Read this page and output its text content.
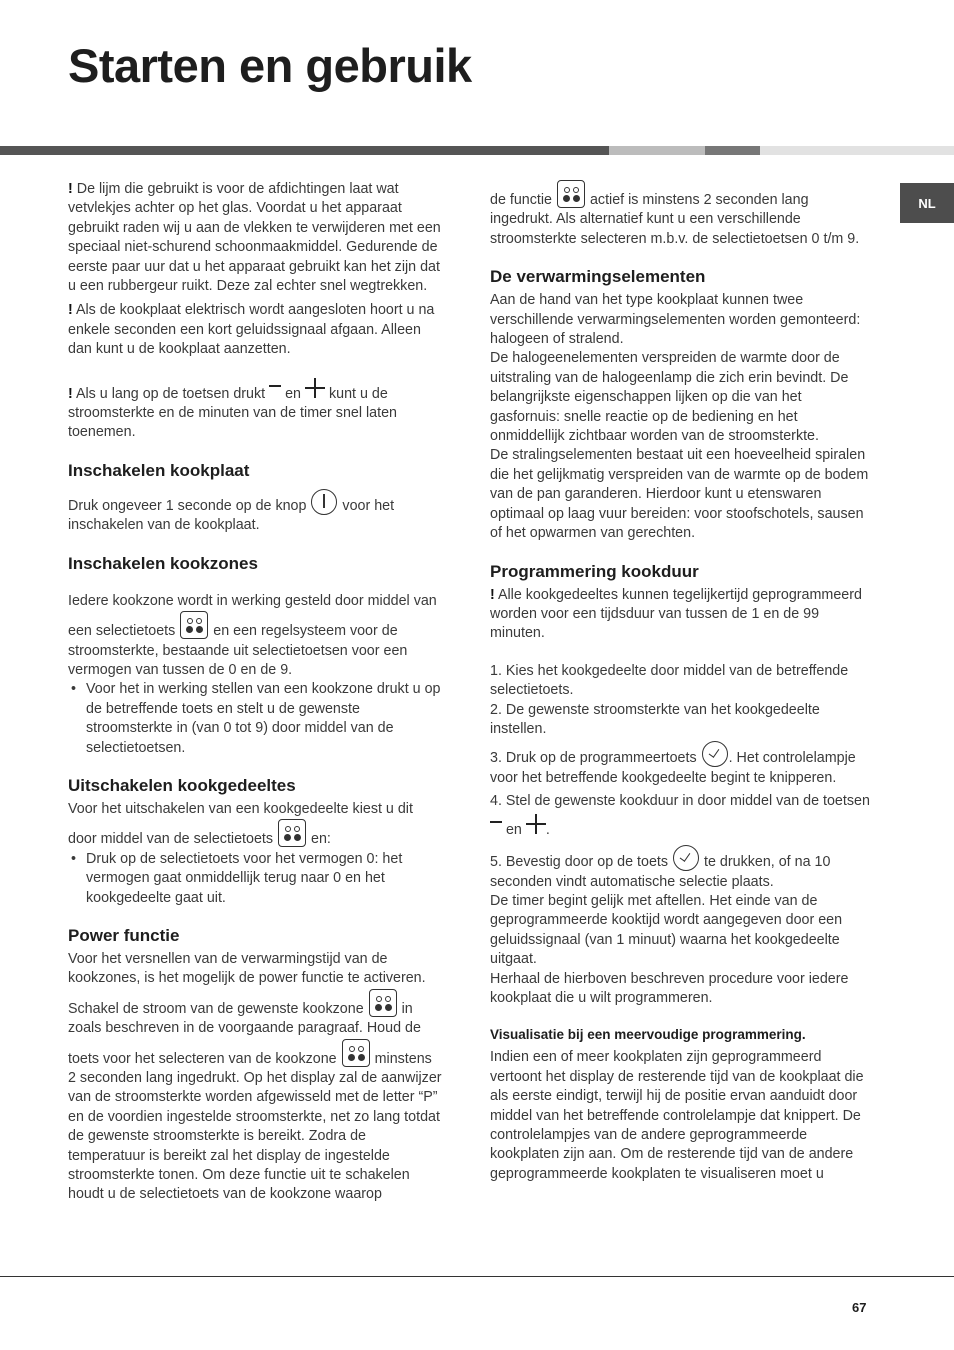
Starten en gebruik
NL

! De lijm die gebruikt is voor de afdichtingen laat wat vetvlekjes achter op het glas. Voordat u het apparaat gebruikt raden wij u aan de vlekken te verwijderen met een speciaal niet-schurend schoonmaakmiddel. Gedurende de eerste paar uur dat u het apparaat gebruikt kan het zijn dat u een rubbergeur ruikt. Deze zal echter snel wegtrekken.

! Als de kookplaat elektrisch wordt aangesloten hoort u na enkele seconden een kort geluidssignaal afgaan. Alleen dan kunt u de kookplaat aanzetten.

! Als u lang op de toetsen drukt en kunt u de stroomsterkte en de minuten van de timer snel laten toenemen.

Inschakelen kookplaat

Druk ongeveer 1 seconde op de knop	voor het inschakelen van de kookplaat.

Inschakelen kookzones

Iedere kookzone wordt in werking gesteld door middel van een selectietoets	en een regelsysteem voor de stroomsterkte, bestaande uit selectietoetsen voor een vermogen van tussen de 0 en de 9.

• Voor het in werking stellen van een kookzone drukt u op de betreffende toets en stelt u de gewenste stroomsterkte in (van 0 tot 9) door middel van de selectietoetsen.

Uitschakelen kookgedeeltes

Voor het uitschakelen van een kookgedeelte kiest u dit door middel van de selectietoets	en:

• Druk op de selectietoets voor het vermogen 0: het vermogen gaat onmiddellijk terug naar 0 en het kookgedeelte gaat uit.

Power functie

Voor het versnellen van de verwarmingstijd van de kookzones, is het mogelijk de power functie te activeren. Schakel de stroom van de gewenste kookzone	in zoals beschreven in de voorgaande paragraaf. Houd de toets voor het selecteren van de kookzone	minstens 2 seconden lang ingedrukt. Op het display zal de aanwijzer van de stroomsterkte worden afgewisseld met de letter “P” en de voordien ingestelde stroomsterkte, net zo lang totdat de gewenste stroomsterkte is bereikt. Zodra de temperatuur is bereikt zal het display de ingestelde stroomsterkte tonen. Om deze functie uit te schakelen houdt u de selectietoets van de kookzone waarop

de functie	actief is minstens 2 seconden lang ingedrukt. Als alternatief kunt u een verschillende stroomsterkte selecteren m.b.v. de selectietoetsen 0 t/m 9.

De verwarmingselementen

Aan de hand van het type kookplaat kunnen twee verschillende verwarmingselementen worden gemonteerd: halogeen of stralend.

De halogeenelementen verspreiden de warmte door de uitstraling van de halogeenlamp die zich erin bevindt. De belangrijkste eigenschappen lijken op die van het gasfornuis: snelle reactie op de bediening en het onmiddellijk zichtbaar worden van de stroomsterkte.

De stralingselementen bestaat uit een hoeveelheid spiralen die het gelijkmatig verspreiden van de warmte op de bodem van de pan garanderen. Hierdoor kunt u etenswaren optimaal op laag vuur bereiden: voor stoofschotels, sausen of het opwarmen van gerechten.

Programmering kookduur

! Alle kookgedeeltes kunnen tegelijkertijd geprogrammeerd worden voor een tijdsduur van tussen de 1 en de 99 minuten.

1. Kies het kookgedeelte door middel van de betreffende selectietoets.

2. De gewenste stroomsterkte van het kookgedeelte instellen.

3. Druk op de programmeertoets . Het controlelampje voor het betreffende kookgedeelte begint te knipperen.

4. Stel de gewenste kookduur in door middel van de toetsen  en .

5. Bevestig door op de toets	te drukken, of na 10 seconden vindt automatische selectie plaats.

De timer begint gelijk met aftellen. Het einde van de geprogrammeerde kooktijd wordt aangegeven door een geluidssignaal (van 1 minuut) waarna het kookgedeelte uitgaat.

Herhaal de hierboven beschreven procedure voor iedere kookplaat die u wilt programmeren.

Visualisatie bij een meervoudige programmering.

Indien een of meer kookplaten zijn geprogrammeerd vertoont het display de resterende tijd van de kookplaat die als eerste eindigt, terwijl hij de positie ervan aanduidt door middel van het betreffende controlelampje dat knippert. De controlelampjes van de andere geprogrammeerde kookplaten zijn aan. Om de resterende tijd van de andere geprogrammeerde kookplaten te visualiseren moet u

67
